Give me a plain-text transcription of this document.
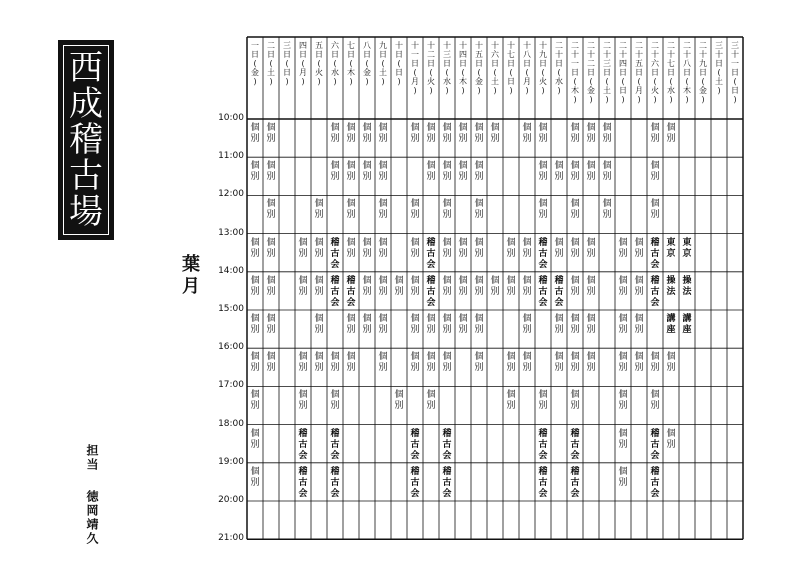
西
成
稽
古
場
葉月
担当
徳岡靖久
一
日
(
金
)
二
日
(
土
)
三
日
(
日
)
四
日
(
月
)
五
日
(
火
)
六
日
(
水
)
七
日
(
木
)
八
日
(
金
)
九
日
(
土
)
十
日
(
日
)
十
一
日
(
月
)
十
二
日
(
火
)
十
三
日
(
水
)
十
四
日
(
木
)
十
五
日
(
金
)
十
六
日
(
土
)
十
七
日
(
日
)
十
八
日
(
月
)
十
九
日
(
火
)
二
十
日
(
水
)
二
十
一
日
(
木
)
二
十
二
日
(
金
)
二
十
三
日
(
土
)
二
十
四
日
(
日
)
二
十
五
日
(
月
)
二
十
六
日
(
火
)
二
十
七
日
(
水
)
二
十
八
日
(
木
)
二
十
九
日
(
金
)
三
十
日
(
土
)
三
十
一
日
(
日
)
10:00
11:00
12:00
13:00
14:00
15:00
16:00
17:00
18:00
19:00
20:00
21:00
個
別
個
別
個
別
個
別
個
別
個
別
個
別
個
別
個
別
個
別
個
別
個
別
個
別
個
別
個
別
個
別
個
別
個
別
個
別
個
別
個
別
個
別
個
別
個
別
個
別
個
別
個
別
個
別
個
別
個
別
個
別
個
別
個
別
個
別
個
別
個
別
個
別
個
別
個
別
個
別
個
別
個
別
個
別
個
別
個
別
個
別
個
別
個
別
個
別
個
別
稽
古
会
個
別
個
別
個
別
個
別
稽
古
会
個
別
個
別
個
別
個
別
個
別
稽
古
会
個
別
個
別
個
別
個
別
個
別
稽
古
会
個
別
個
別
個
別
個
別
稽
古
会
稽
古
会
個
別
個
別
個
別
個
別
稽
古
会
個
別
個
別
個
別
個
別
個
別
個
別
稽
古
会
稽
古
会
個
別
個
別
個
別
個
別
稽
古
会
個
別
個
別
個
別
個
別
個
別
個
別
個
別
個
別
個
別
個
別
個
別
個
別
個
別
個
別
個
別
個
別
個
別
個
別
個
別
個
別
個
別
個
別
個
別
個
別
個
別
個
別
個
別
個
別
個
別
個
別
個
別
個
別
個
別
個
別
個
別
個
別
個
別
個
別
個
別
個
別
個
別
個
別
個
別
個
別
個
別
個
別
個
別
個
別
稽
古
会
稽
古
会
稽
古
会
稽
古
会
稽
古
会
稽
古
会
個
別
稽
古
会
個
別
個
別
稽
古
会
稽
古
会
稽
古
会
稽
古
会
稽
古
会
稽
古
会
個
別
稽
古
会
東
京
東
京
操
法
操
法
講
座
講
座
